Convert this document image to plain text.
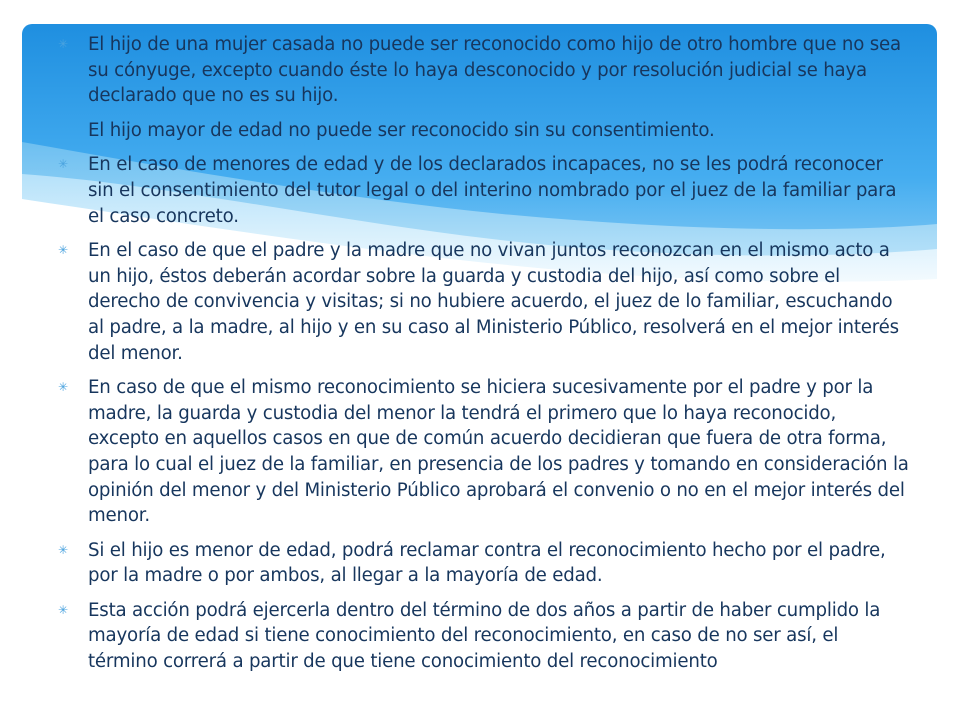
✳ El hijo de una mujer casada no puede ser reconocido como hijo de otro hombre que no sea su cónyuge, excepto cuando éste lo haya desconocido y por resolución judicial se haya declarado que no es su hijo.

El hijo mayor de edad no puede ser reconocido sin su consentimiento.

✳ En el caso de menores de edad y de los declarados incapaces, no se les podrá reconocer sin el consentimiento del tutor legal o del interino nombrado por el juez de la familiar para el caso concreto.

✳ En el caso de que el padre y la madre que no vivan juntos reconozcan en el mismo acto a un hijo, éstos deberán acordar sobre la guarda y custodia del hijo, así como sobre el derecho de convivencia y visitas; si no hubiere acuerdo, el juez de lo familiar, escuchando al padre, a la madre, al hijo y en su caso al Ministerio Público, resolverá en el mejor interés del menor.

✳ En caso de que el mismo reconocimiento se hiciera sucesivamente por el padre y por la madre, la guarda y custodia del menor la tendrá el primero que lo haya reconocido, excepto en aquellos casos en que de común acuerdo decidieran que fuera de otra forma, para lo cual el juez de la familiar, en presencia de los padres y tomando en consideración la opinión del menor y del Ministerio Público aprobará el convenio o no en el mejor interés del menor.

✳ Si el hijo es menor de edad, podrá reclamar contra el reconocimiento hecho por el padre, por la madre o por ambos, al llegar a la mayoría de edad.

✳ Esta acción podrá ejercerla dentro del término de dos años a partir de haber cumplido la mayoría de edad si tiene conocimiento del reconocimiento, en caso de no ser así, el término correrá a partir de que tiene conocimiento del reconocimiento
